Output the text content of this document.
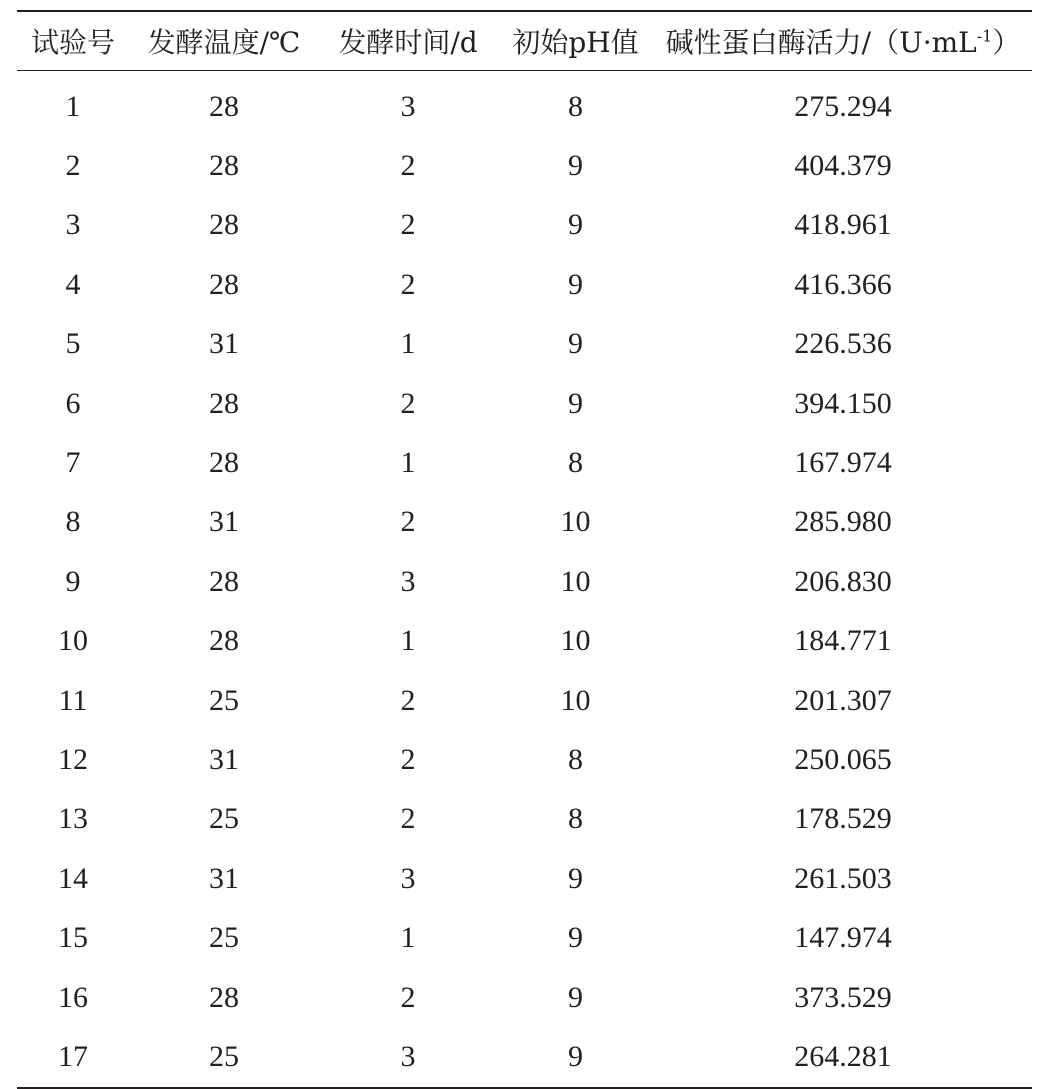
试验号	发酵温度/℃	发酵时间/d	初始pH值	碱性蛋白酶活力$/(U\cdot mL^{-1})$
1	28	3	8	275.294
2	28	2	9	404.379
3	28	2	9	418.961
4	28	2	9	416.366
5	31	1	9	226.536
6	28	2	9	394.150
7	28	1	8	167.974
8	31	2	10	285.980
9	28	3	10	206.830
10	28	1	10	184.771
11	25	2	10	201.307
12	31	2	8	250.065
13	25	2	8	178.529
14	31	3	9	261.503
15	25	1	9	147.974
16	28	2	9	373.529
17	25	3	9	264.281
